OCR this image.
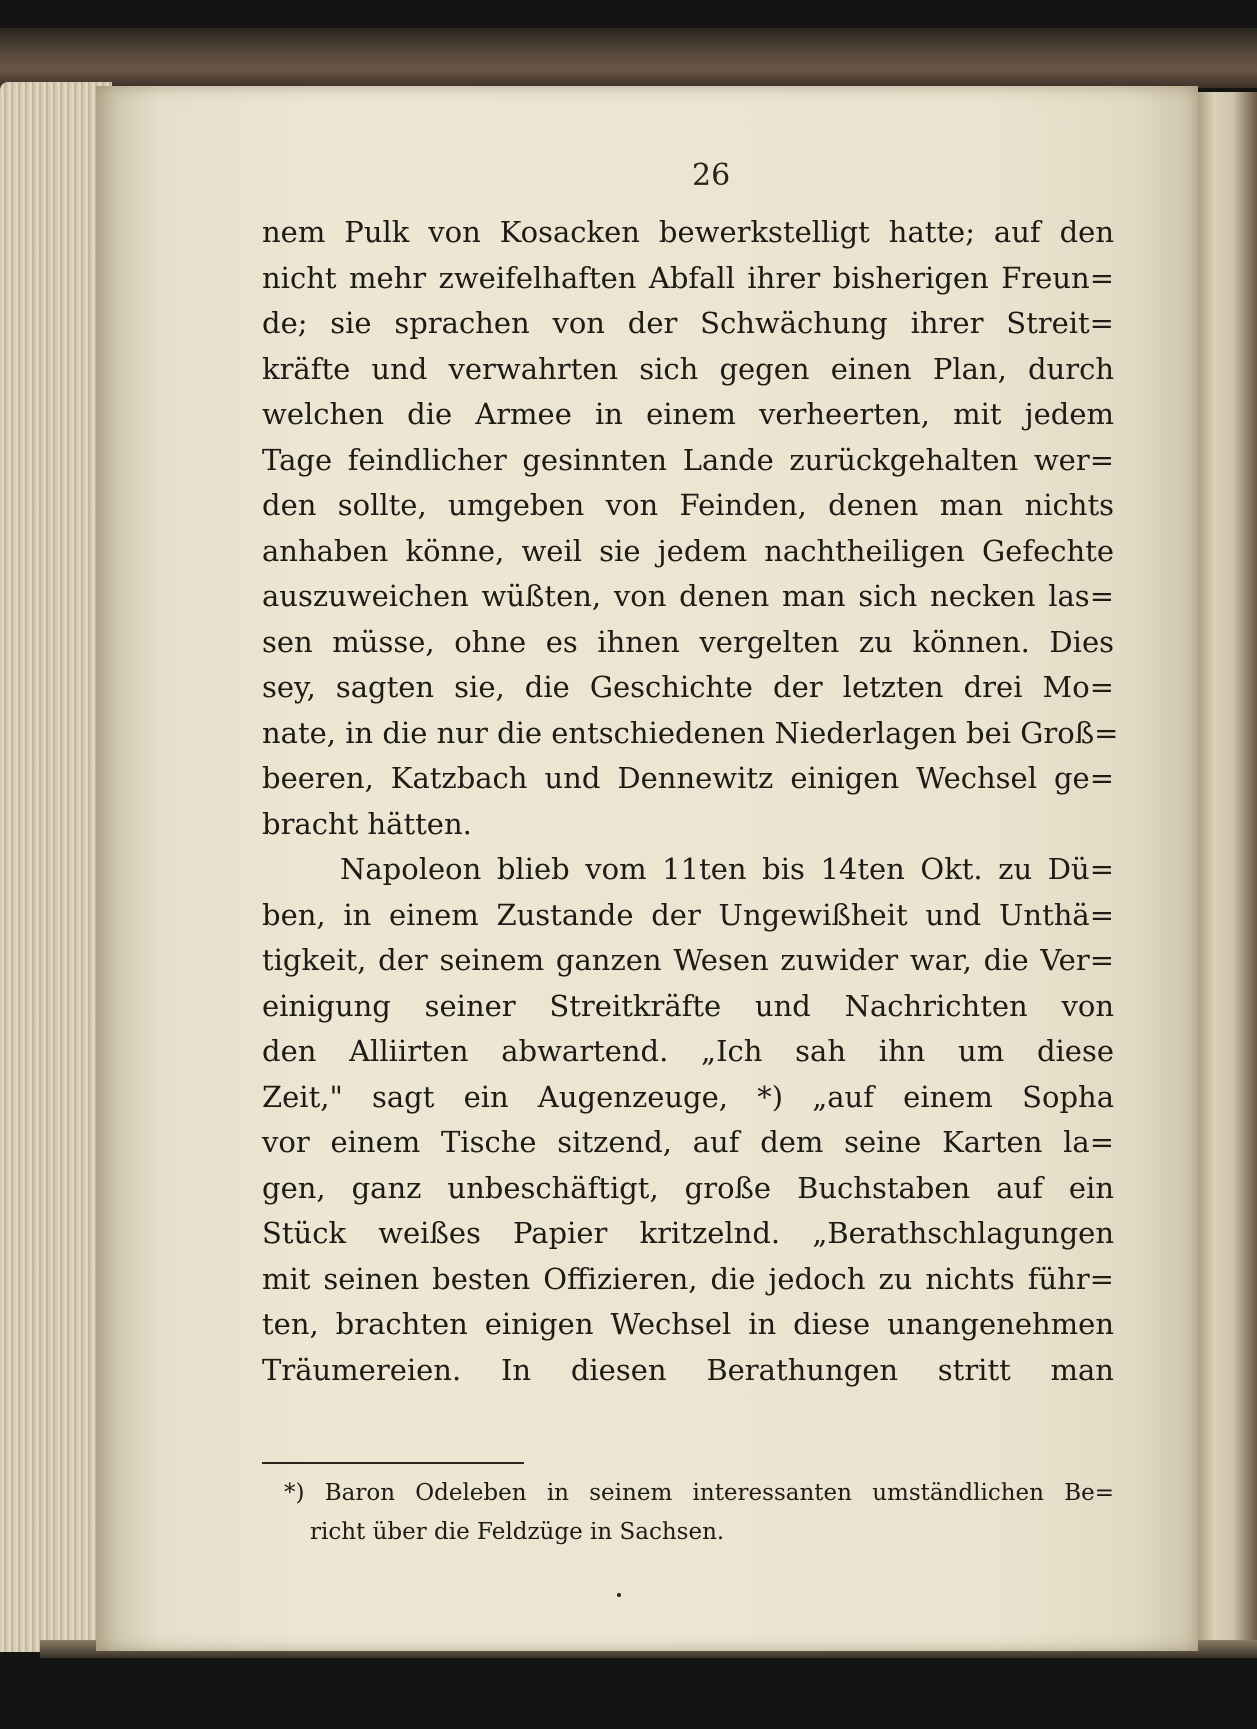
26
nem Pulk von Kosacken bewerkstelligt hatte; auf den
nicht mehr zweifelhaften Abfall ihrer bisherigen Freun=
de; sie sprachen von der Schwächung ihrer Streit=
kräfte und verwahrten sich gegen einen Plan, durch
welchen die Armee in einem verheerten, mit jedem
Tage feindlicher gesinnten Lande zurückgehalten wer=
den sollte, umgeben von Feinden, denen man nichts
anhaben könne, weil sie jedem nachtheiligen Gefechte
auszuweichen wüßten, von denen man sich necken las=
sen müsse, ohne es ihnen vergelten zu können. Dies
sey, sagten sie, die Geschichte der letzten drei Mo=
nate, in die nur die entschiedenen Niederlagen bei Groß=
beeren, Katzbach und Dennewitz einigen Wechsel ge=
bracht hätten.
Napoleon blieb vom 11ten bis 14ten Okt. zu Dü=
ben, in einem Zustande der Ungewißheit und Unthä=
tigkeit, der seinem ganzen Wesen zuwider war, die Ver=
einigung seiner Streitkräfte und Nachrichten von
den Alliirten abwartend. „Ich sah ihn um diese
Zeit," sagt ein Augenzeuge, *) „auf einem Sopha
vor einem Tische sitzend, auf dem seine Karten la=
gen, ganz unbeschäftigt, große Buchstaben auf ein
Stück weißes Papier kritzelnd. „Berathschlagungen
mit seinen besten Offizieren, die jedoch zu nichts führ=
ten, brachten einigen Wechsel in diese unangenehmen
Träumereien. In diesen Berathungen stritt man
*) Baron Odeleben in seinem interessanten umständlichen Be=
richt über die Feldzüge in Sachsen.
